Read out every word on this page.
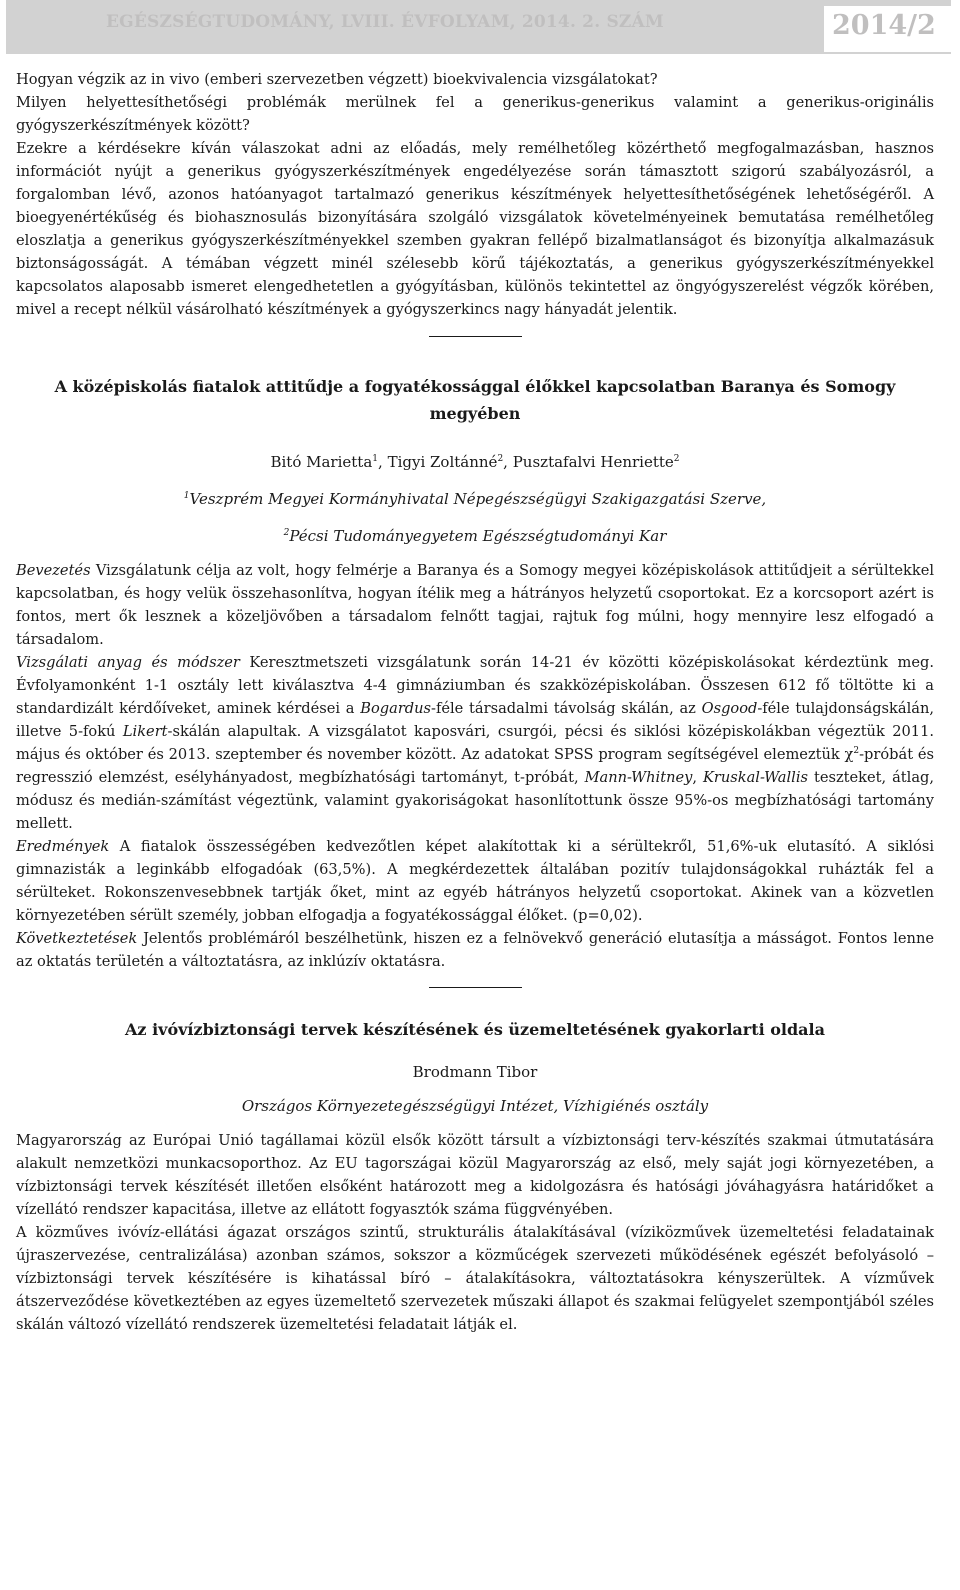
EGÉSZSÉGTUDOMÁNY, LVIII. ÉVFOLYAM, 2014. 2. SZÁM	2014/2

Hogyan végzik az in vivo (emberi szervezetben végzett) bioekvivalencia vizsgálatokat?

Milyen helyettesíthetőségi problémák merülnek fel a generikus-generikus valamint a generikus-originális gyógyszerkészítmények között?

Ezekre a kérdésekre kíván válaszokat adni az előadás, mely remélhetőleg közérthető megfogalmazásban, hasznos információt nyújt a generikus gyógyszerkészítmények engedélyezése során támasztott szigorú szabályozásról, a forgalomban lévő, azonos hatóanyagot tartalmazó generikus készítmények helyettesíthetőségének lehetőségéről. A bioegyenértékűség és biohasznosulás bizonyítására szolgáló vizsgálatok követelményeinek bemutatása remélhetőleg eloszlatja a generikus gyógyszerkészítményekkel szemben gyakran fellépő bizalmatlanságot és bizonyítja alkalmazásuk biztonságosságát. A témában végzett minél szélesebb körű tájékoztatás, a generikus gyógyszerkészítményekkel kapcsolatos alaposabb ismeret elengedhetetlen a gyógyításban, különös tekintettel az öngyógyszerelést végzők körében, mivel a recept nélkül vásárolható készítmények a gyógyszerkincs nagy hányadát jelentik.

A középiskolás fiatalok attitűdje a fogyatékossággal élőkkel kapcsolatban Baranya és Somogy megyében
Bitó Marietta$^1$, Tigyi Zoltánné$^2$, Pusztafalvi Henriette$^2$
$^1$Veszprém Megyei Kormányhivatal Népegészségügyi Szakigazgatási Szerve,
$^2$Pécsi Tudományegyetem Egészségtudományi Kar

Bevezetés Vizsgálatunk célja az volt, hogy felmérje a Baranya és a Somogy megyei középiskolások attitűdjeit a sérültekkel kapcsolatban, és hogy velük összehasonlítva, hogyan ítélik meg a hátrányos helyzetű csoportokat. Ez a korcsoport azért is fontos, mert ők lesznek a közeljövőben a társadalom felnőtt tagjai, rajtuk fog múlni, hogy mennyire lesz elfogadó a társadalom.

Vizsgálati anyag és módszer Keresztmetszeti vizsgálatunk során 14-21 év közötti középiskolásokat kérdeztünk meg. Évfolyamonként 1-1 osztály lett kiválasztva 4-4 gimnáziumban és szakközépiskolában. Összesen 612 fő töltötte ki a standardizált kérdőíveket, aminek kérdései a Bogardus-féle társadalmi távolság skálán, az Osgood-féle tulajdonságskálán, illetve 5-fokú Likert-skálán alapultak. A vizsgálatot kaposvári, csurgói, pécsi és siklósi középiskolákban végeztük 2011. május és október és 2013. szeptember és november között. Az adatokat SPSS program segítségével elemeztük $\chi^2$-próbát és regresszió elemzést, esélyhányadost, megbízhatósági tartományt, t-próbát, Mann-Whitney, Kruskal-Wallis teszteket, átlag, módusz és medián-számítást végeztünk, valamint gyakoriságokat hasonlítottunk össze 95%-os megbízhatósági tartomány mellett.

Eredmények A fiatalok összességében kedvezőtlen képet alakítottak ki a sérültekről, 51,6%-uk elutasító. A siklósi gimnazisták a leginkább elfogadóak (63,5%). A megkérdezettek általában pozitív tulajdonságokkal ruházták fel a sérülteket. Rokonszenvesebbnek tartják őket, mint az egyéb hátrányos helyzetű csoportokat. Akinek van a közvetlen környezetében sérült személy, jobban elfogadja a fogyatékossággal élőket. (p=0,02).

Következtetések Jelentős problémáról beszélhetünk, hiszen ez a felnövekvő generáció elutasítja a másságot. Fontos lenne az oktatás területén a változtatásra, az inklúzív oktatásra.

Az ivóvízbiztonsági tervek készítésének és üzemeltetésének gyakorlarti oldala
Brodmann Tibor
Országos Környezetegészségügyi Intézet, Vízhigiénés osztály

Magyarország az Európai Unió tagállamai közül elsők között társult a vízbiztonsági terv-készítés szakmai útmutatására alakult nemzetközi munkacsoporthoz. Az EU tagországai közül Magyarország az első, mely saját jogi környezetében, a vízbiztonsági tervek készítését illetően elsőként határozott meg a kidolgozásra és hatósági jóváhagyásra határidőket a vízellátó rendszer kapacitása, illetve az ellátott fogyasztók száma függvényében.

A közműves ivóvíz-ellátási ágazat országos szintű, strukturális átalakításával (víziközművek üzemeltetési feladatainak újraszervezése, centralizálása) azonban számos, sokszor a közműcégek szervezeti működésének egészét befolyásoló – vízbiztonsági tervek készítésére is kihatással bíró – átalakításokra, változtatásokra kényszerültek. A vízművek átszerveződése következtében az egyes üzemeltető szervezetek műszaki állapot és szakmai felügyelet szempontjából széles skálán változó vízellátó rendszerek üzemeltetési feladatait látják el.
